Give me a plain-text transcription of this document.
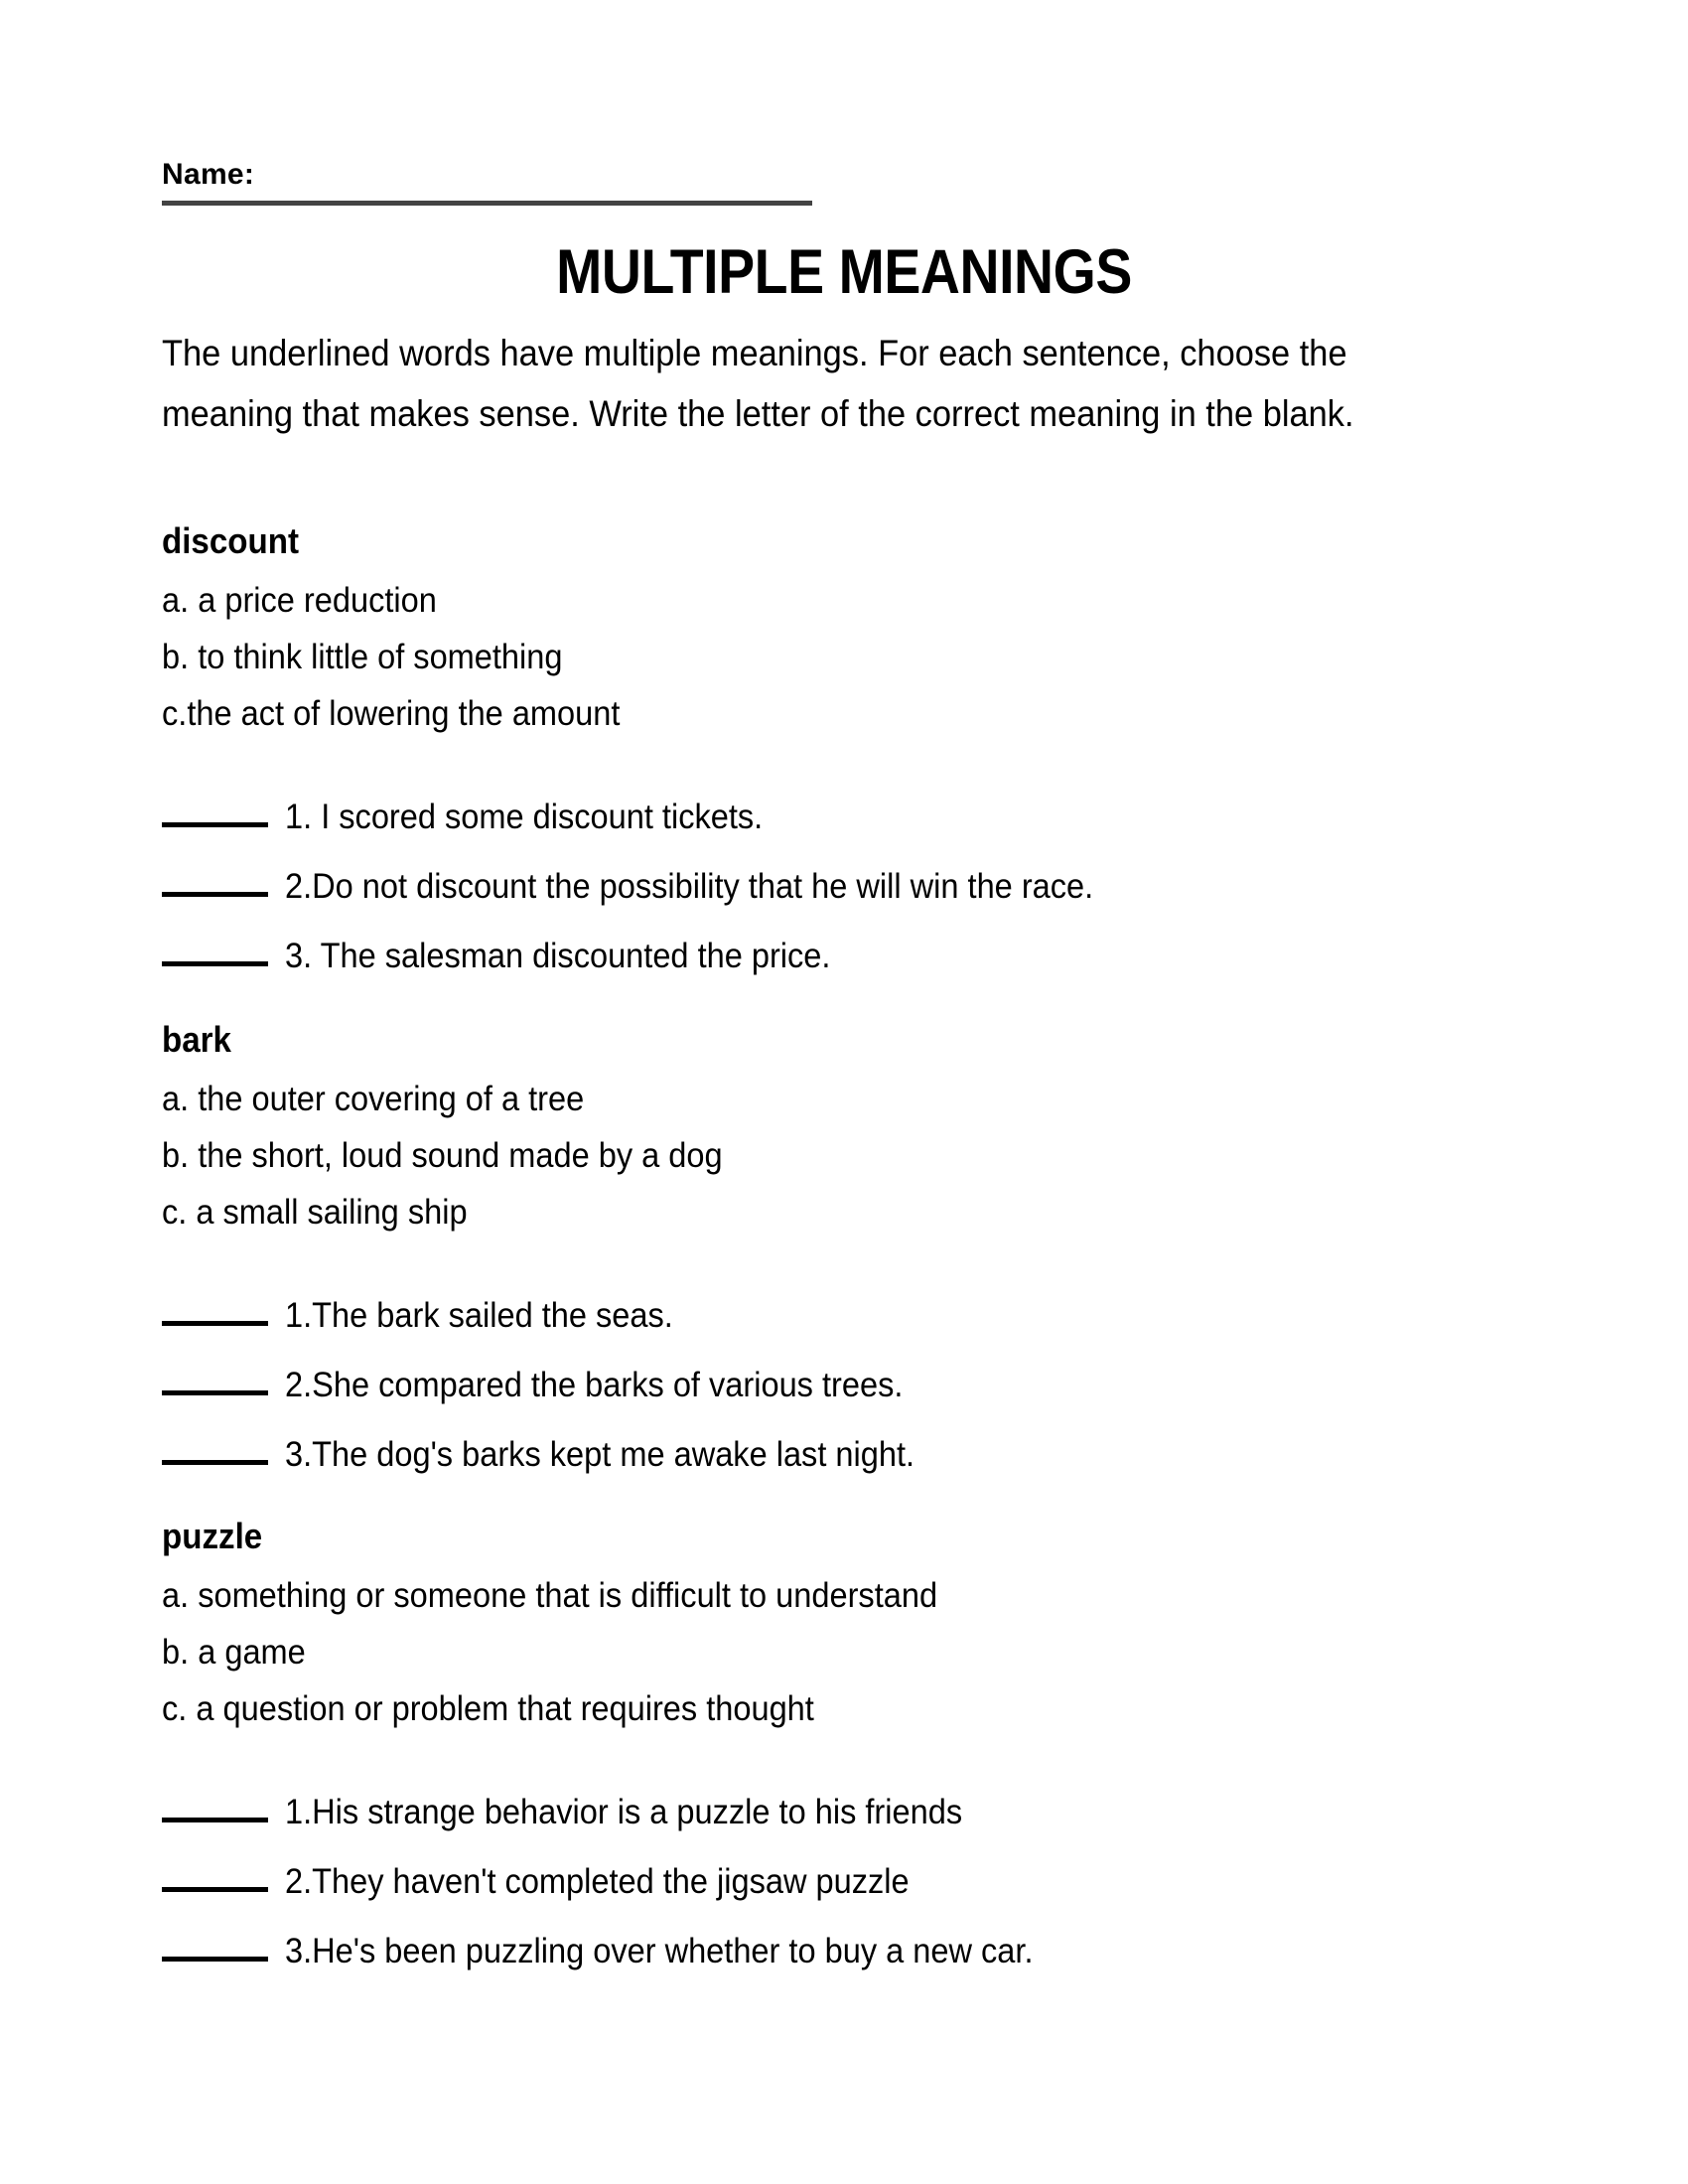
Name:
MULTIPLE MEANINGS
The underlined words have multiple meanings. For each sentence, choose the meaning that makes sense. Write the letter of the correct meaning in the blank.
discount
a. a price reduction
b. to think little of something
c.the act of lowering the amount
1. I scored some discount tickets.
2.Do not discount the possibility that he will win the race.
3. The salesman discounted the price.
bark
a. the outer covering of a tree
b. the short, loud sound made by a dog
c. a small sailing ship
1.The bark sailed the seas.
2.She compared the barks of various trees.
3.The dog's barks kept me awake last night.
puzzle
a. something or someone that is difficult to understand
b. a game
c. a question or problem that requires thought
1.His strange behavior is a puzzle to his friends
2.They haven't completed the jigsaw puzzle
3.He's been puzzling over whether to buy a new car.
